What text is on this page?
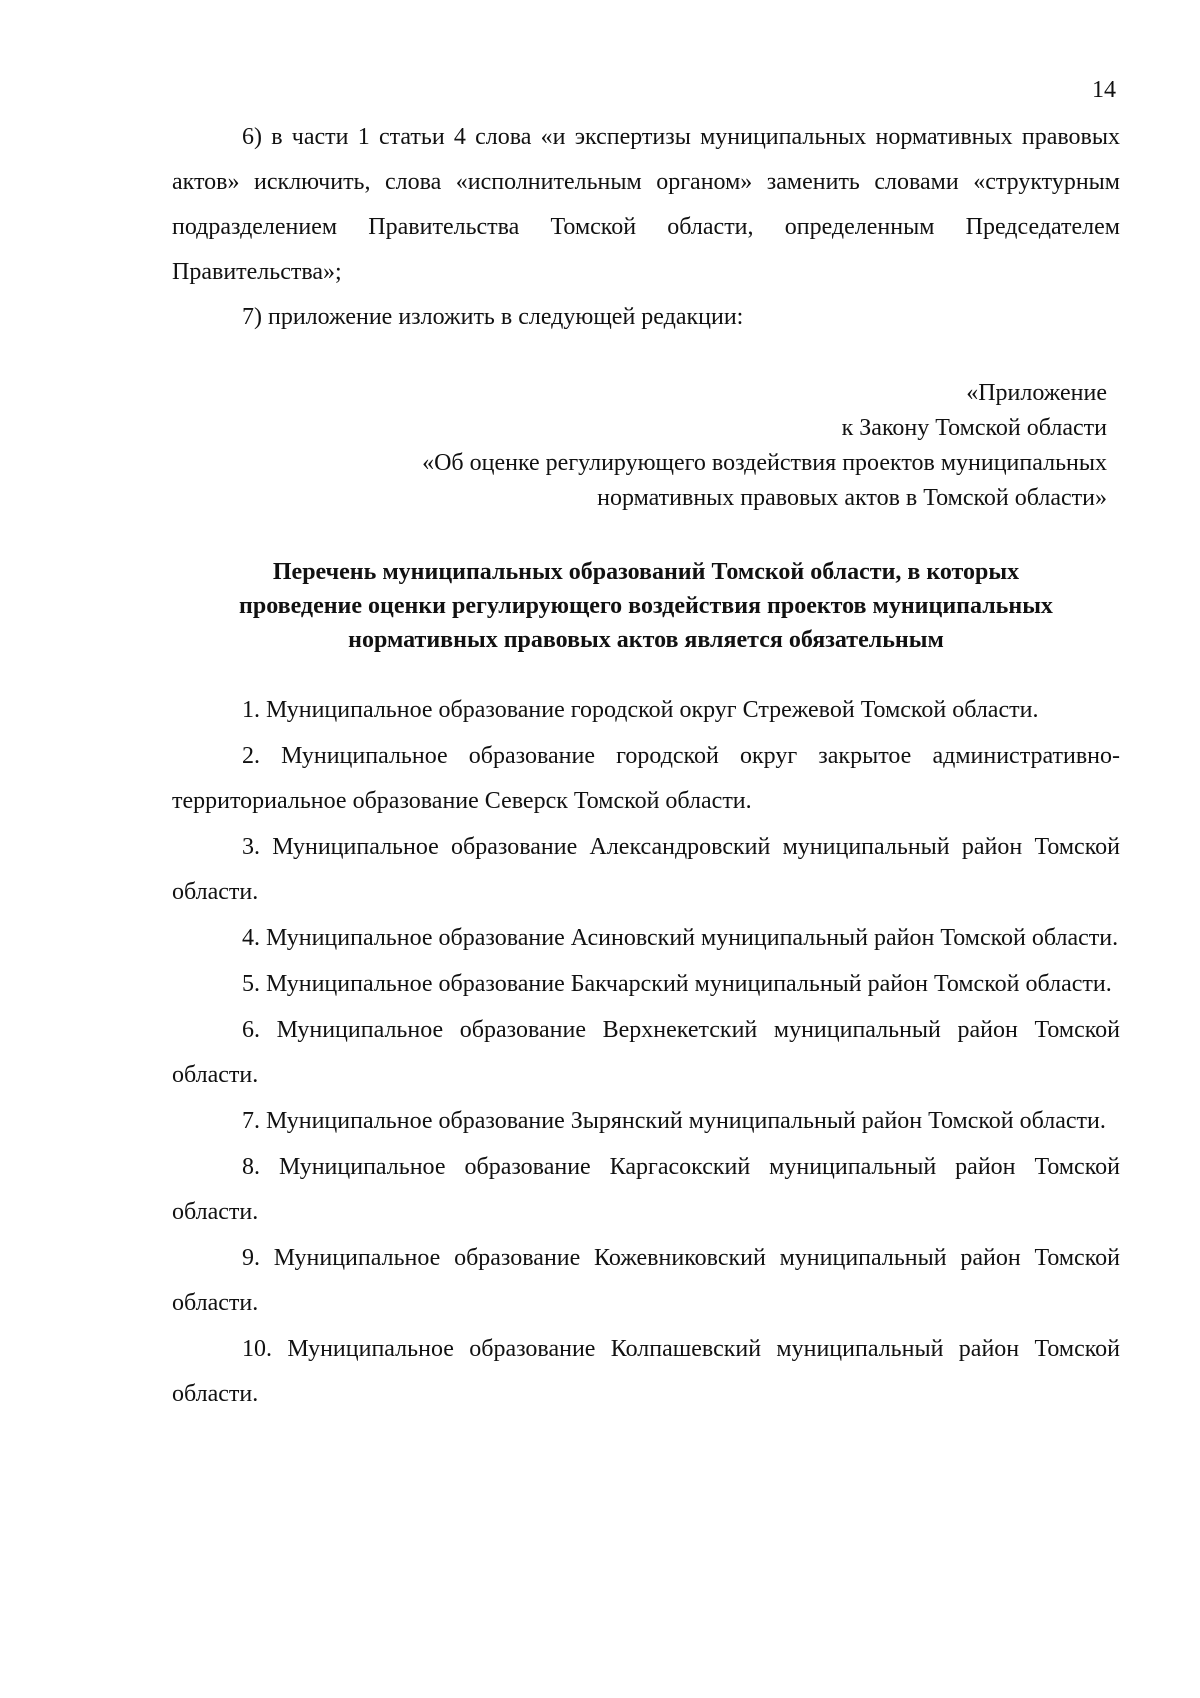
14

6) в части 1 статьи 4 слова «и экспертизы муниципальных нормативных правовых актов» исключить, слова «исполнительным органом» заменить словами «структурным подразделением Правительства Томской области, определенным Председателем Правительства»;

7) приложение изложить в следующей редакции:

«Приложение
к Закону Томской области
«Об оценке регулирующего воздействия проектов муниципальных
нормативных правовых актов в Томской области»
Перечень муниципальных образований Томской области, в которых
проведение оценки регулирующего воздействия проектов муниципальных
нормативных правовых актов является обязательным

1. Муниципальное образование городской округ Стрежевой Томской области.

2. Муниципальное образование городской округ закрытое административно-территориальное образование Северск Томской области.

3. Муниципальное образование Александровский муниципальный район Томской области.

4. Муниципальное образование Асиновский муниципальный район Томской области.

5. Муниципальное образование Бакчарский муниципальный район Томской области.

6. Муниципальное образование Верхнекетский муниципальный район Томской области.

7. Муниципальное образование Зырянский муниципальный район Томской области.

8. Муниципальное образование Каргасокский муниципальный район Томской области.

9. Муниципальное образование Кожевниковский муниципальный район Томской области.

10. Муниципальное образование Колпашевский муниципальный район Томской области.
